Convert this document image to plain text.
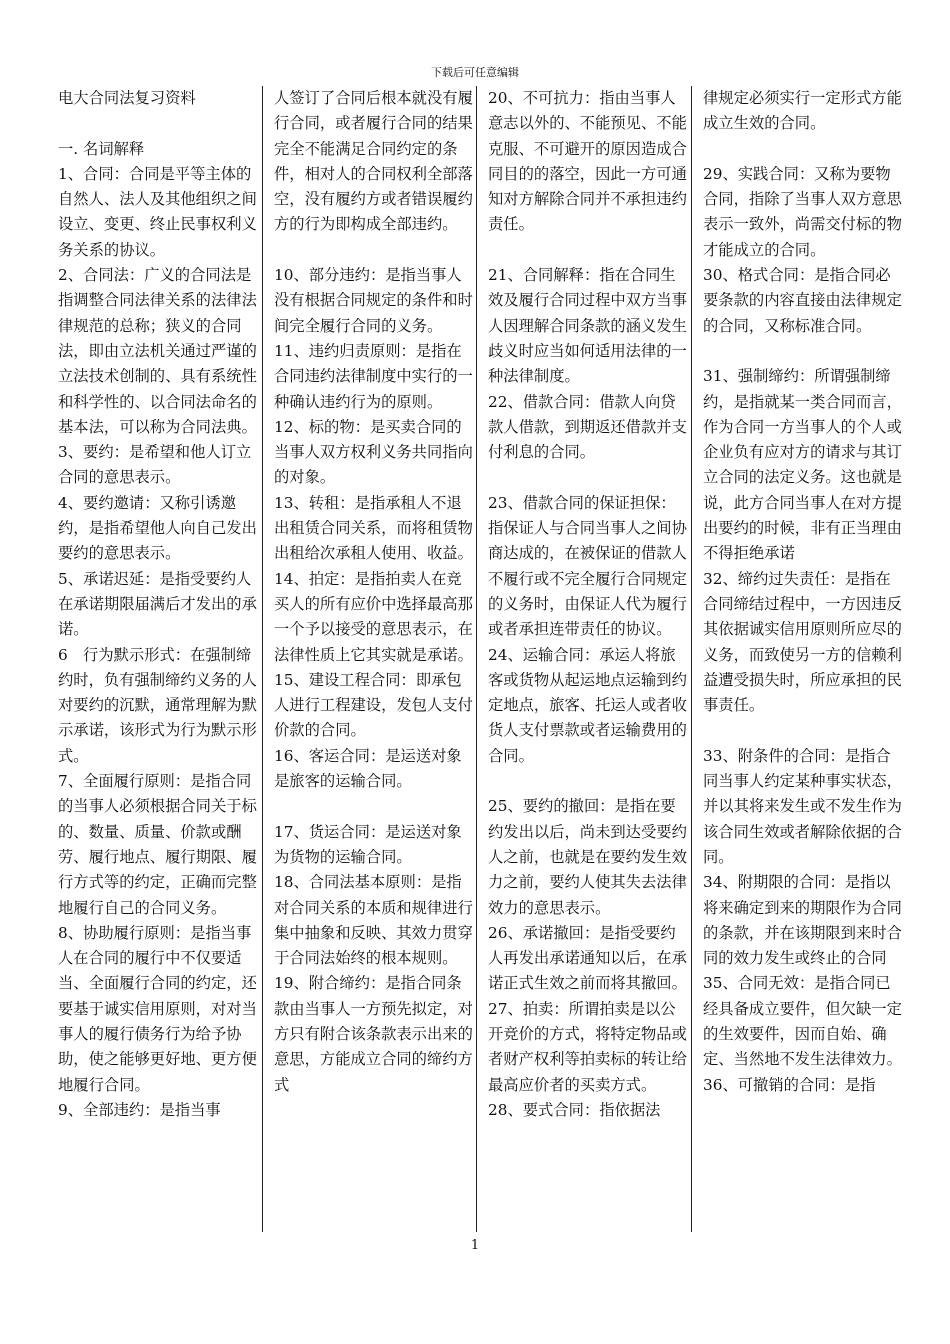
下载后可任意编辑

电大合同法复习资料

一. 名词解释

1、合同：合同是平等主体的自然人、法人及其他组织之间设立、变更、终止民事权利义务关系的协议。

2、合同法：广义的合同法是指调整合同法律关系的法律法律规范的总称；狭义的合同法，即由立法机关通过严谨的立法技术创制的、具有系统性和科学性的、以合同法命名的基本法，可以称为合同法典。

3、要约：是希望和他人订立合同的意思表示。

4、要约邀请：又称引诱邀约，是指希望他人向自己发出要约的意思表示。

5、承诺迟延：是指受要约人在承诺期限届满后才发出的承诺。

6　行为默示形式：在强制缔约时，负有强制缔约义务的人对要约的沉默，通常理解为默示承诺，该形式为行为默示形式。

7、全面履行原则：是指合同的当事人必须根据合同关于标的、数量、质量、价款或酬劳、履行地点、履行期限、履行方式等的约定，正确而完整地履行自己的合同义务。

8、协助履行原则：是指当事人在合同的履行中不仅要适当、全面履行合同的约定，还要基于诚实信用原则，对对当事人的履行债务行为给予协助，使之能够更好地、更方便地履行合同。

9、全部违约：是指当事

人签订了合同后根本就没有履行合同，或者履行合同的结果完全不能满足合同约定的条件，相对人的合同权利全部落空，没有履约方或者错误履约方的行为即构成全部违约。

10、部分违约：是指当事人没有根据合同规定的条件和时间完全履行合同的义务。

11、违约归责原则：是指在合同违约法律制度中实行的一种确认违约行为的原则。

12、标的物：是买卖合同的当事人双方权利义务共同指向的对象。

13、转租：是指承租人不退出租赁合同关系，而将租赁物出租给次承租人使用、收益。

14、拍定：是指拍卖人在竞买人的所有应价中选择最高那一个予以接受的意思表示，在法律性质上它其实就是承诺。

15、建设工程合同：即承包人进行工程建设，发包人支付价款的合同。

16、客运合同：是运送对象是旅客的运输合同。

17、货运合同：是运送对象为货物的运输合同。

18、合同法基本原则：是指对合同关系的本质和规律进行集中抽象和反映、其效力贯穿于合同法始终的根本规则。

19、附合缔约：是指合同条款由当事人一方预先拟定，对方只有附合该条款表示出来的意思，方能成立合同的缔约方式

20、不可抗力：指由当事人意志以外的、不能预见、不能克服、不可避开的原因造成合同目的的落空，因此一方可通知对方解除合同并不承担违约责任。

21、合同解释：指在合同生效及履行合同过程中双方当事人因理解合同条款的涵义发生歧义时应当如何适用法律的一种法律制度。

22、借款合同：借款人向贷款人借款，到期返还借款并支付利息的合同。

23、借款合同的保证担保：指保证人与合同当事人之间协商达成的，在被保证的借款人不履行或不完全履行合同规定的义务时，由保证人代为履行或者承担连带责任的协议。

24、运输合同：承运人将旅客或货物从起运地点运输到约定地点，旅客、托运人或者收货人支付票款或者运输费用的合同。

25、要约的撤回：是指在要约发出以后，尚未到达受要约人之前，也就是在要约发生效力之前，要约人使其失去法律效力的意思表示。

26、承诺撤回：是指受要约人再发出承诺通知以后，在承诺正式生效之前而将其撤回。

27、拍卖：所谓拍卖是以公开竞价的方式，将特定物品或者财产权利等拍卖标的转让给最高应价者的买卖方式。

28、要式合同：指依据法

律规定必须实行一定形式方能成立生效的合同。

29、实践合同：又称为要物合同，指除了当事人双方意思表示一致外，尚需交付标的物才能成立的合同。

30、格式合同：是指合同必要条款的内容直接由法律规定的合同，又称标准合同。

31、强制缔约：所谓强制缔约，是指就某一类合同而言，作为合同一方当事人的个人或企业负有应对方的请求与其订立合同的法定义务。这也就是说，此方合同当事人在对方提出要约的时候，非有正当理由不得拒绝承诺

32、缔约过失责任：是指在合同缔结过程中，一方因违反其依据诚实信用原则所应尽的义务，而致使另一方的信赖利益遭受损失时，所应承担的民事责任。

33、附条件的合同：是指合同当事人约定某种事实状态，并以其将来发生或不发生作为该合同生效或者解除依据的合同。

34、附期限的合同：是指以将来确定到来的期限作为合同的条款，并在该期限到来时合同的效力发生或终止的合同

35、合同无效：是指合同已经具备成立要件，但欠缺一定的生效要件，因而自始、确定、当然地不发生法律效力。

36、可撤销的合同：是指

1
